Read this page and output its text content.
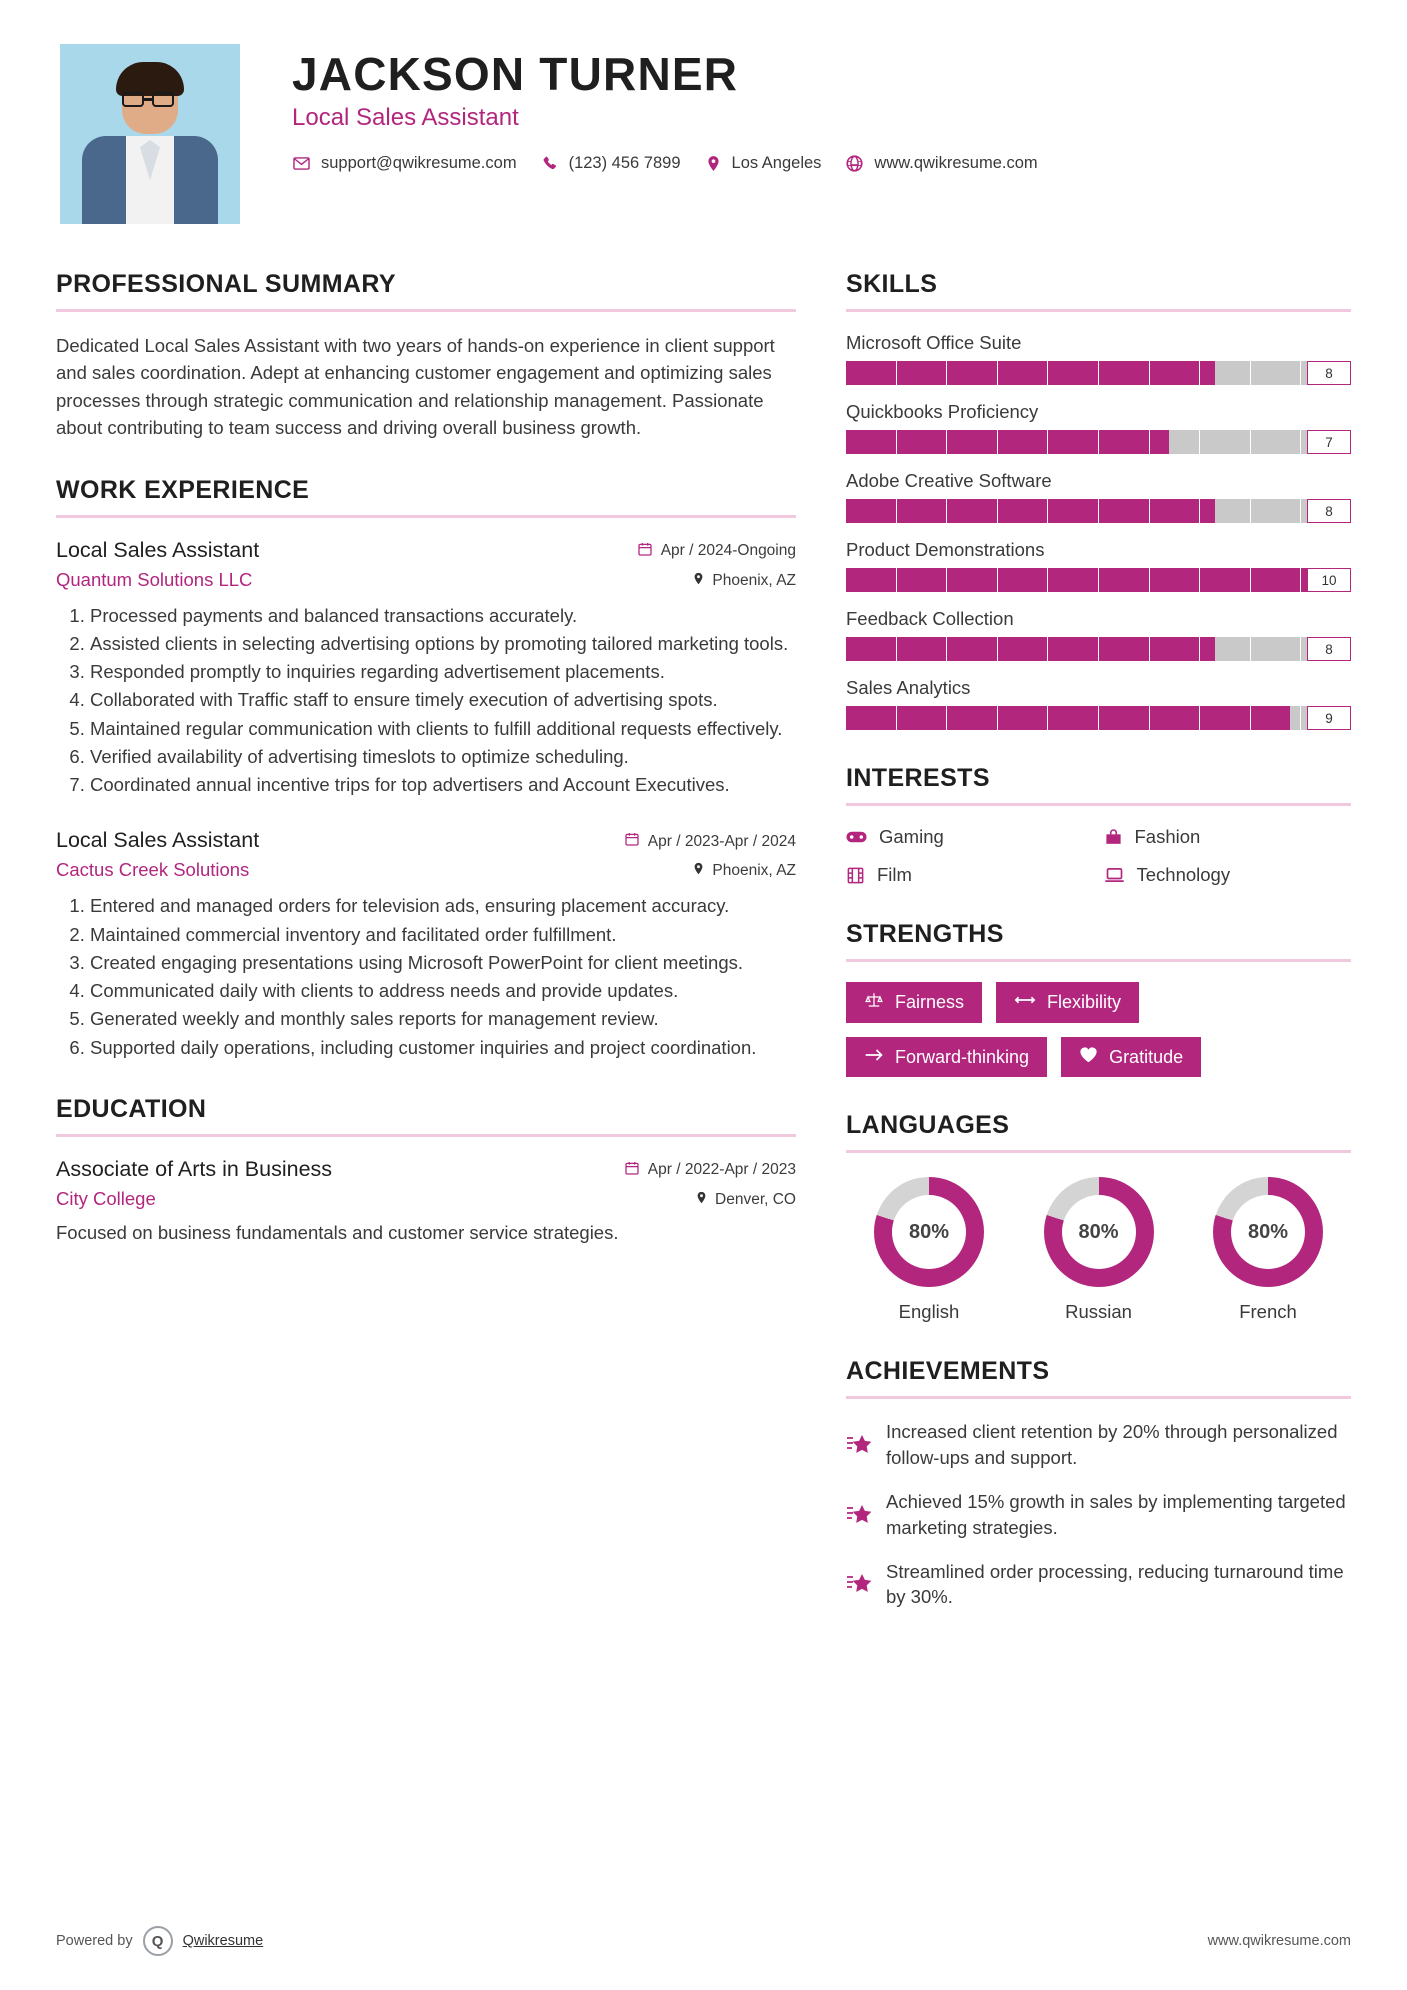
JACKSON TURNER
Local Sales Assistant
support@qwikresume.com	(123) 456 7899	Los Angeles	www.qwikresume.com
PROFESSIONAL SUMMARY
Dedicated Local Sales Assistant with two years of hands-on experience in client support and sales coordination. Adept at enhancing customer engagement and optimizing sales processes through strategic communication and relationship management. Passionate about contributing to team success and driving overall business growth.
WORK EXPERIENCE
Local Sales Assistant	Apr / 2024-Ongoing
Quantum Solutions LLC	Phoenix, AZ
1. Processed payments and balanced transactions accurately.
2. Assisted clients in selecting advertising options by promoting tailored marketing tools.
3. Responded promptly to inquiries regarding advertisement placements.
4. Collaborated with Traffic staff to ensure timely execution of advertising spots.
5. Maintained regular communication with clients to fulfill additional requests effectively.
6. Verified availability of advertising timeslots to optimize scheduling.
7. Coordinated annual incentive trips for top advertisers and Account Executives.
Local Sales Assistant	Apr / 2023-Apr / 2024
Cactus Creek Solutions	Phoenix, AZ
1. Entered and managed orders for television ads, ensuring placement accuracy.
2. Maintained commercial inventory and facilitated order fulfillment.
3. Created engaging presentations using Microsoft PowerPoint for client meetings.
4. Communicated daily with clients to address needs and provide updates.
5. Generated weekly and monthly sales reports for management review.
6. Supported daily operations, including customer inquiries and project coordination.
EDUCATION
Associate of Arts in Business	Apr / 2022-Apr / 2023
City College	Denver, CO
Focused on business fundamentals and customer service strategies.
SKILLS
Microsoft Office Suite
8
Quickbooks Proficiency
7
Adobe Creative Software
8
Product Demonstrations
10
Feedback Collection
8
Sales Analytics
9
INTERESTS
Gaming	Fashion
Film	Technology
STRENGTHS
Fairness	Flexibility
Forward-thinking	Gratitude
LANGUAGES
80%
English
80%
Russian
80%
French
ACHIEVEMENTS
Increased client retention by 20% through personalized follow-ups and support.
Achieved 15% growth in sales by implementing targeted marketing strategies.
Streamlined order processing, reducing turnaround time by 30%.
Powered by	Q	Qwikresume	www.qwikresume.com
